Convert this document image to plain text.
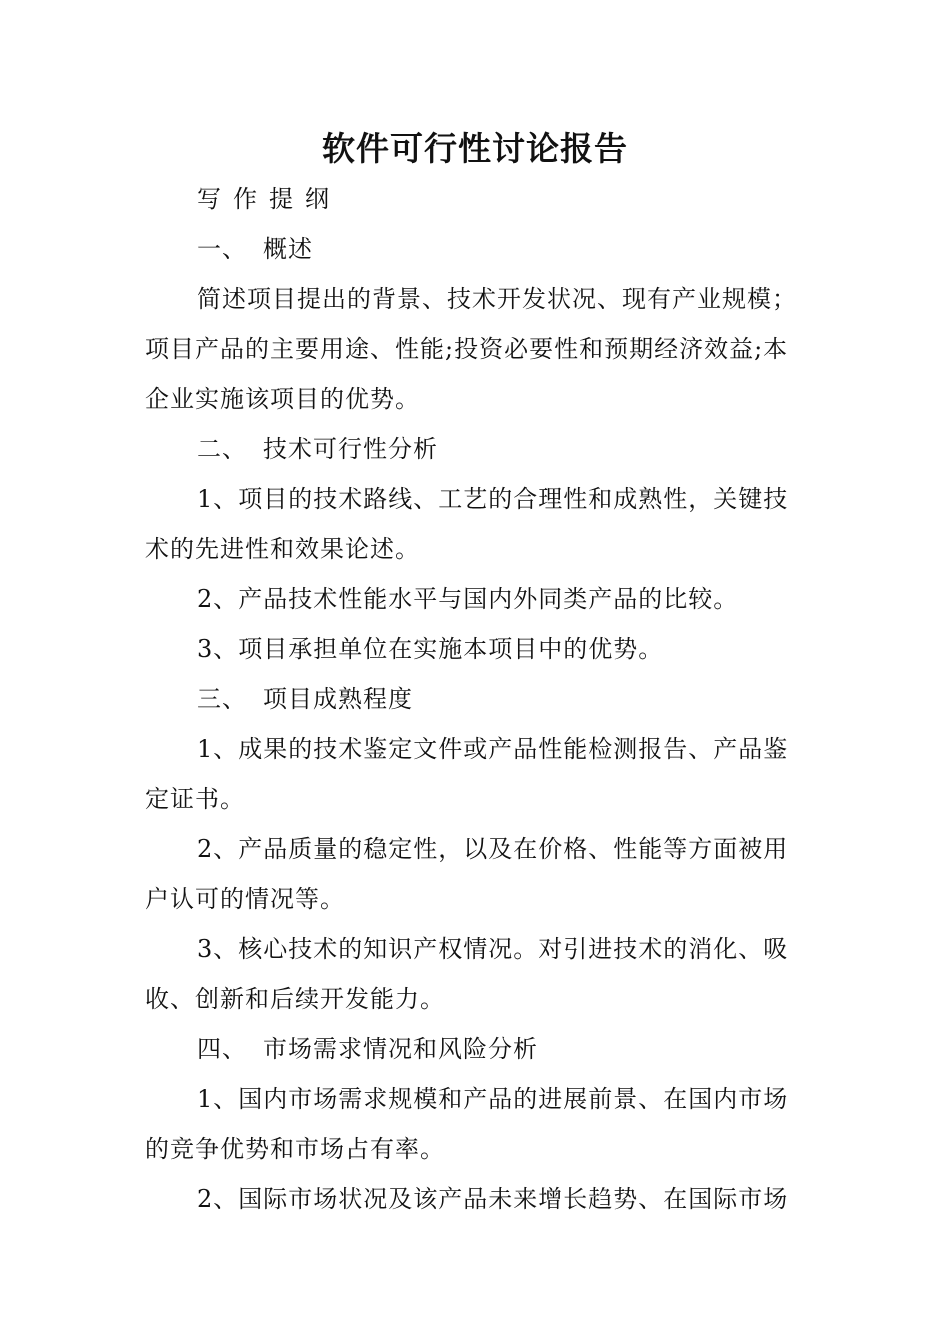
软件可行性讨论报告

写作提纲

一、 概述

简述项目提出的背景、技术开发状况、现有产业规模；项目产品的主要用途、性能;投资必要性和预期经济效益;本企业实施该项目的优势。

二、 技术可行性分析

1、项目的技术路线、工艺的合理性和成熟性，关键技术的先进性和效果论述。

2、产品技术性能水平与国内外同类产品的比较。

3、项目承担单位在实施本项目中的优势。

三、 项目成熟程度

1、成果的技术鉴定文件或产品性能检测报告、产品鉴定证书。

2、产品质量的稳定性，以及在价格、性能等方面被用户认可的情况等。

3、核心技术的知识产权情况。对引进技术的消化、吸收、创新和后续开发能力。

四、 市场需求情况和风险分析

1、国内市场需求规模和产品的进展前景、在国内市场的竞争优势和市场占有率。

2、国际市场状况及该产品未来增长趋势、在国际市场
